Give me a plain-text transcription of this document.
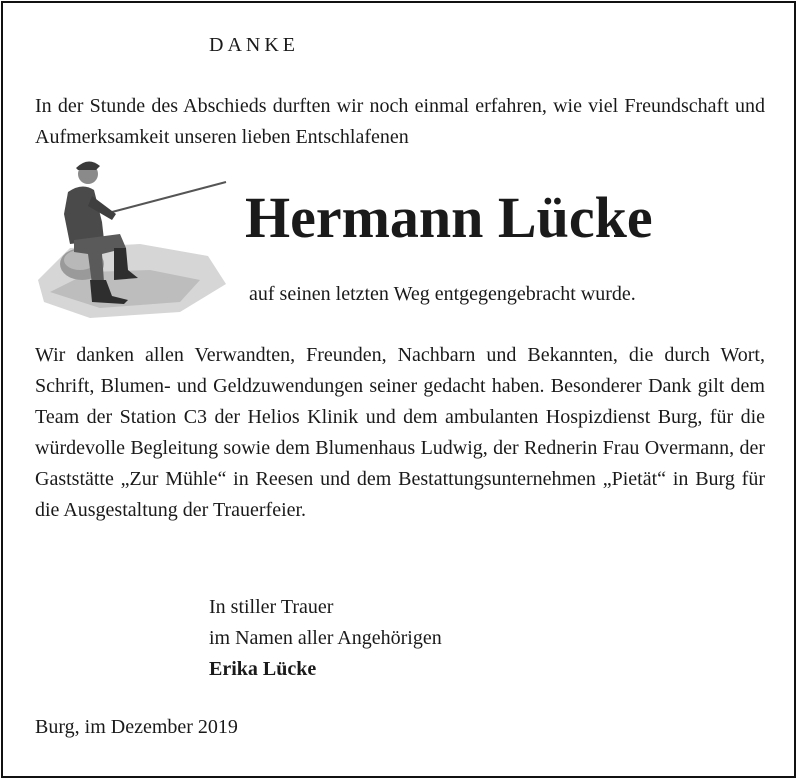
DANKE

In der Stunde des Abschieds durften wir noch einmal erfahren, wie viel Freundschaft und Aufmerksamkeit unseren lieben Entschlafenen

Hermann Lücke
auf seinen letzten Weg entgegengebracht wurde.

Wir danken allen Verwandten, Freunden, Nachbarn und Bekannten, die durch Wort, Schrift, Blumen- und Geldzuwendungen seiner gedacht haben. Besonderer Dank gilt dem Team der Station C3 der Helios Klinik und dem ambulanten Hospizdienst Burg, für die würdevolle Begleitung sowie dem Blumenhaus Ludwig, der Rednerin Frau Overmann, der Gaststätte „Zur Mühle“ in Reesen und dem Bestattungsunternehmen „Pietät“ in Burg für die Ausgestaltung der Trauerfeier.

In stiller Trauer
im Namen aller Angehörigen
Erika Lücke
Burg, im Dezember 2019
